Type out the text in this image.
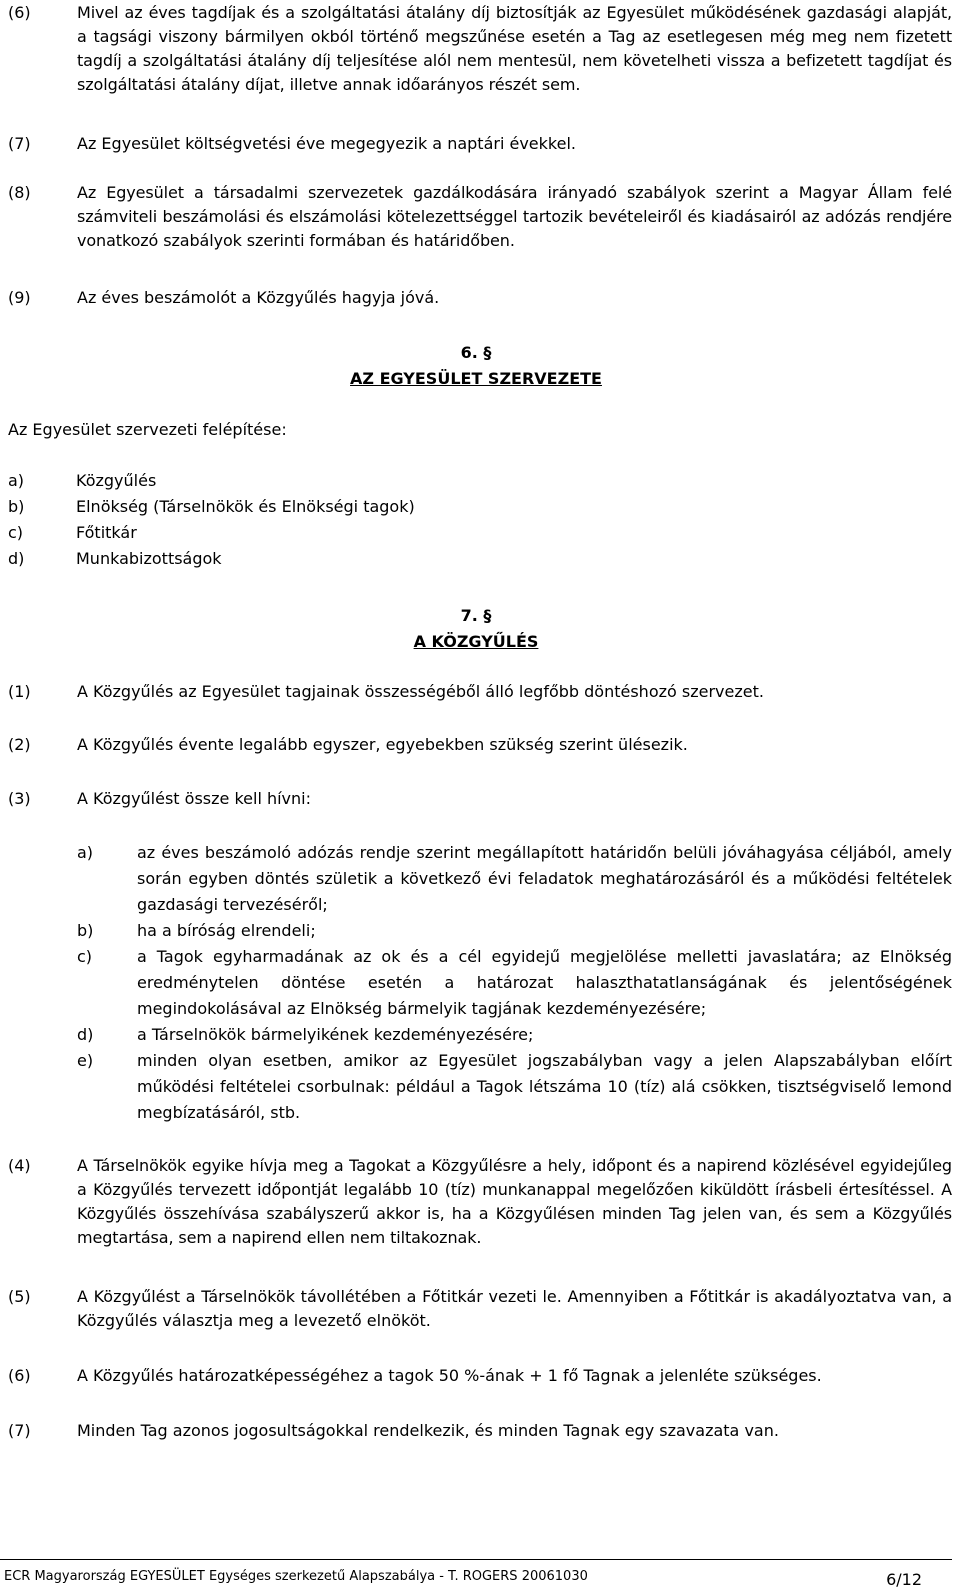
(6)	Mivel az éves tagdíjak és a szolgáltatási átalány díj biztosítják az Egyesület működésének gazdasági alapját, a tagsági viszony bármilyen okból történő megszűnése esetén a Tag az esetlegesen még meg nem fizetett tagdíj a szolgáltatási átalány díj teljesítése alól nem mentesül, nem követelheti vissza a befizetett tagdíjat és szolgáltatási átalány díjat, illetve annak időarányos részét sem.
(7)	Az Egyesület költségvetési éve megegyezik a naptári évekkel.
(8)	Az Egyesület a társadalmi szervezetek gazdálkodására irányadó szabályok szerint a Magyar Állam felé számviteli beszámolási és elszámolási kötelezettséggel tartozik bevételeiről és kiadásairól az adózás rendjére vonatkozó szabályok szerinti formában és határidőben.
(9)	Az éves beszámolót a Közgyűlés hagyja jóvá.
6. §
AZ EGYESÜLET SZERVEZETE
Az Egyesület szervezeti felépítése:
a)	Közgyűlés
b)	Elnökség (Társelnökök és Elnökségi tagok)
c)	Főtitkár
d)	Munkabizottságok
7. §
A KÖZGYŰLÉS
(1)	A Közgyűlés az Egyesület tagjainak összességéből álló legfőbb döntéshozó szervezet.
(2)	A Közgyűlés évente legalább egyszer, egyebekben szükség szerint ülésezik.
(3)	A Közgyűlést össze kell hívni:
a)	az éves beszámoló adózás rendje szerint megállapított határidőn belüli jóváhagyása céljából, amely során egyben döntés születik a következő évi feladatok meghatározásáról és a működési feltételek gazdasági tervezéséről;
b)	ha a bíróság elrendeli;
c)	a Tagok egyharmadának az ok és a cél egyidejű megjelölése melletti javaslatára; az Elnökség eredménytelen döntése esetén a határozat halaszthatatlanságának és jelentőségének megindokolásával az Elnökség bármelyik tagjának kezdeményezésére;
d)	a Társelnökök bármelyikének kezdeményezésére;
e)	minden olyan esetben, amikor az Egyesület jogszabályban vagy a jelen Alapszabályban előírt működési feltételei csorbulnak: például a Tagok létszáma 10 (tíz) alá csökken, tisztségviselő lemond megbízatásáról, stb.
(4)	A Társelnökök egyike hívja meg a Tagokat a Közgyűlésre a hely, időpont és a napirend közlésével egyidejűleg a Közgyűlés tervezett időpontját legalább 10 (tíz) munkanappal megelőzően kiküldött írásbeli értesítéssel. A Közgyűlés összehívása szabályszerű akkor is, ha a Közgyűlésen minden Tag jelen van, és sem a Közgyűlés megtartása, sem a napirend ellen nem tiltakoznak.
(5)	A Közgyűlést a Társelnökök távollétében a Főtitkár vezeti le. Amennyiben a Főtitkár is akadályoztatva van, a Közgyűlés választja meg a levezető elnököt.
(6)	A Közgyűlés határozatképességéhez a tagok 50 %-ának + 1 fő Tagnak a jelenléte szükséges.
(7)	Minden Tag azonos jogosultságokkal rendelkezik, és minden Tagnak egy szavazata van.
ECR Magyarország EGYESÜLET Egységes szerkezetű Alapszabálya - T. ROGERS 20061030	6/12
